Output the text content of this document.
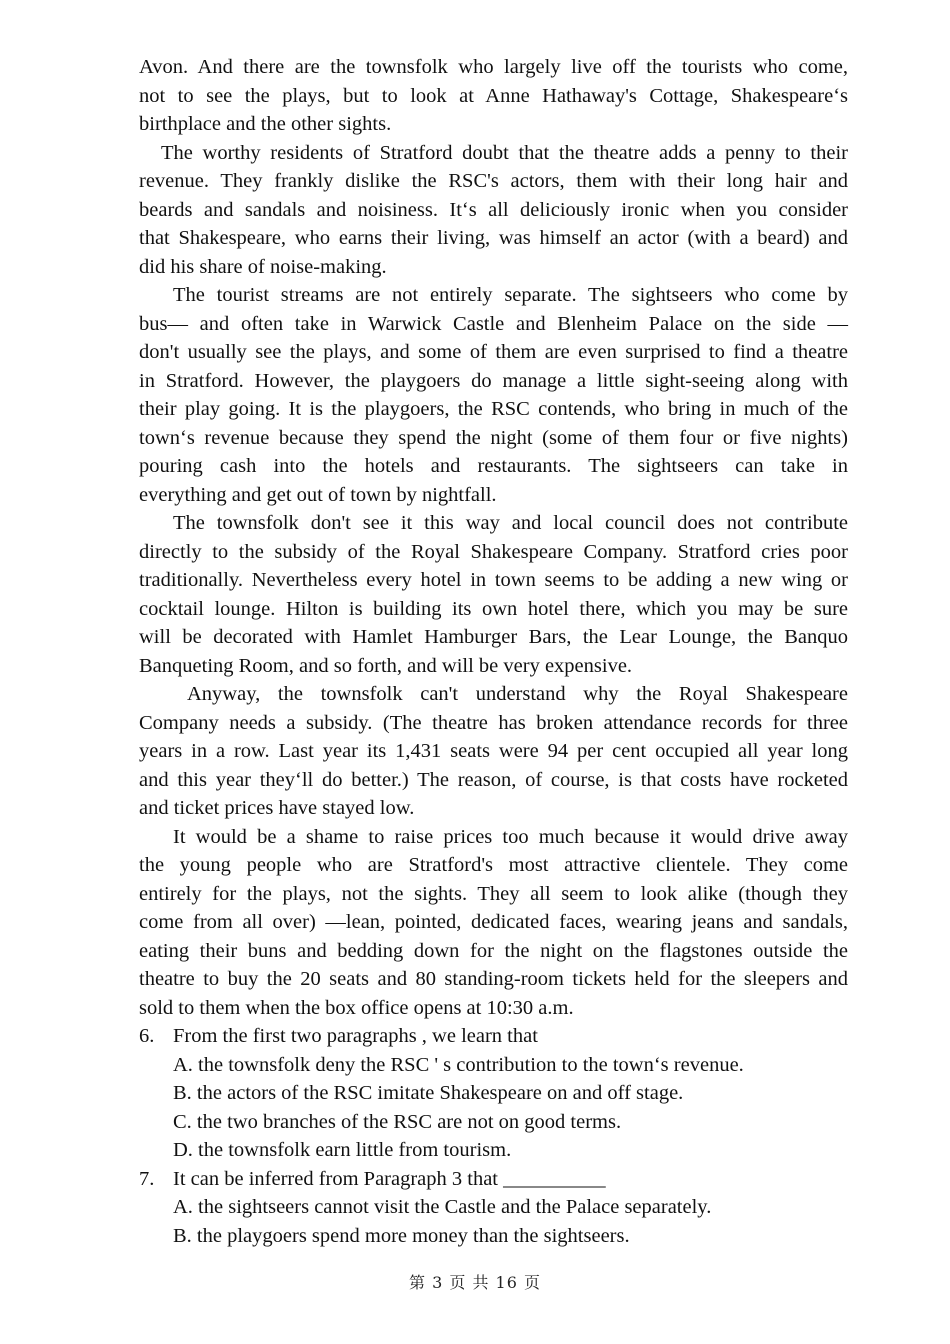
Avon. And there are the townsfolk who largely live off the tourists who come,
not to see the plays, but to look at Anne Hathaway's Cottage, Shakespeare‘s
birthplace and the other sights.
The worthy residents of Stratford doubt that the theatre adds a penny to their
revenue. They frankly dislike the RSC's actors, them with their long hair and
beards and sandals and noisiness. It‘s all deliciously ironic when you consider
that Shakespeare, who earns their living, was himself an actor (with a beard) and
did his share of noise-making.
The tourist streams are not entirely separate. The sightseers who come by
bus— and often take in Warwick Castle and Blenheim Palace on the side —
don't usually see the plays, and some of them are even surprised to find a theatre
in Stratford. However, the playgoers do manage a little sight-seeing along with
their play going. It is the playgoers, the RSC contends, who bring in much of the
town‘s revenue because they spend the night (some of them four or five nights)
pouring cash into the hotels and restaurants. The sightseers can take in
everything and get out of town by nightfall.
The townsfolk don't see it this way and local council does not contribute
directly to the subsidy of the Royal Shakespeare Company. Stratford cries poor
traditionally. Nevertheless every hotel in town seems to be adding a new wing or
cocktail lounge. Hilton is building its own hotel there, which you may be sure
will be decorated with Hamlet Hamburger Bars, the Lear Lounge, the Banquo
Banqueting Room, and so forth, and will be very expensive.
Anyway, the townsfolk can't understand why the Royal Shakespeare
Company needs a subsidy. (The theatre has broken attendance records for three
years in a row. Last year its 1,431 seats were 94 per cent occupied all year long
and this year they‘ll do better.) The reason, of course, is that costs have rocketed
and ticket prices have stayed low.
It would be a shame to raise prices too much because it would drive away
the young people who are Stratford's most attractive clientele. They come
entirely for the plays, not the sights. They all seem to look alike (though they
come from all over) —lean, pointed, dedicated faces, wearing jeans and sandals,
eating their buns and bedding down for the night on the flagstones outside the
theatre to buy the 20 seats and 80 standing-room tickets held for the sleepers and
sold to them when the box office opens at 10:30 a.m.
6. From the first two paragraphs , we learn that
A. the townsfolk deny the RSC ' s contribution to the town‘s revenue.
B. the actors of the RSC imitate Shakespeare on and off stage.
C. the two branches of the RSC are not on good terms.
D. the townsfolk earn little from tourism.
7. It can be inferred from Paragraph 3 that __________
A. the sightseers cannot visit the Castle and the Palace separately.
B. the playgoers spend more money than the sightseers.
第 3 页 共 16 页
